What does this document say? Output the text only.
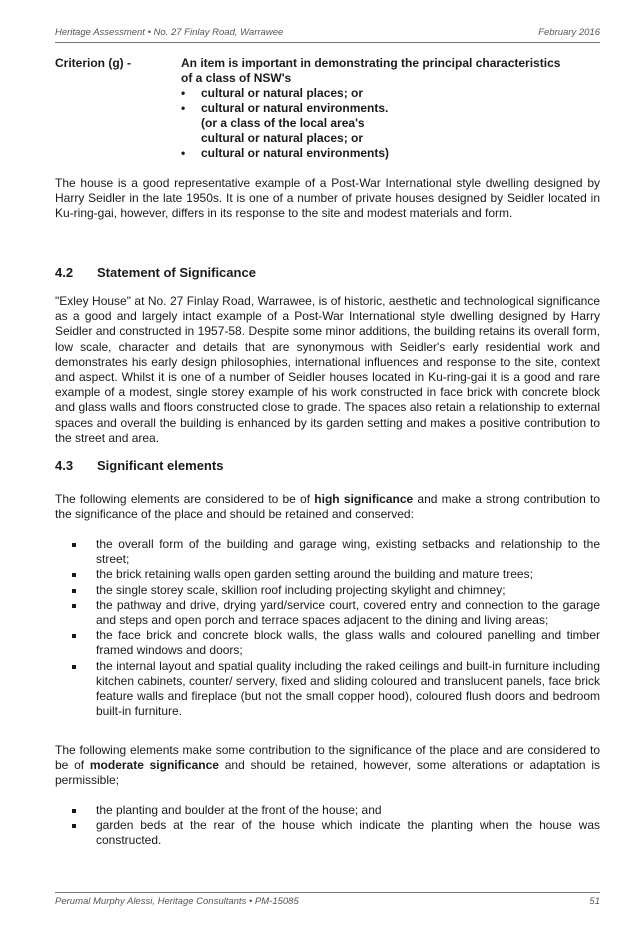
Heritage Assessment • No. 27 Finlay Road, Warrawee	February 2016
Criterion (g) -	An item is important in demonstrating the principal characteristics
of a class of NSW's
• cultural or natural places; or
• cultural or natural environments.
(or a class of the local area's
cultural or natural places; or
• cultural or natural environments)

The house is a good representative example of a Post-War International style dwelling designed by Harry Seidler in the late 1950s. It is one of a number of private houses designed by Seidler located in Ku-ring-gai, however, differs in its response to the site and modest materials and form.

4.2 Statement of Significance

"Exley House" at No. 27 Finlay Road, Warrawee, is of historic, aesthetic and technological significance as a good and largely intact example of a Post-War International style dwelling designed by Harry Seidler and constructed in 1957-58. Despite some minor additions, the building retains its overall form, low scale, character and details that are synonymous with Seidler's early residential work and demonstrates his early design philosophies, international influences and response to the site, context and aspect. Whilst it is one of a number of Seidler houses located in Ku-ring-gai it is a good and rare example of a modest, single storey example of his work constructed in face brick with concrete block and glass walls and floors constructed close to grade. The spaces also retain a relationship to external spaces and overall the building is enhanced by its garden setting and makes a positive contribution to the street and area.

4.3 Significant elements

The following elements are considered to be of high significance and make a strong contribution to the significance of the place and should be retained and conserved:

the overall form of the building and garage wing, existing setbacks and relationship to the street;
the brick retaining walls open garden setting around the building and mature trees;
the single storey scale, skillion roof including projecting skylight and chimney;
the pathway and drive, drying yard/service court, covered entry and connection to the garage and steps and open porch and terrace spaces adjacent to the dining and living areas;
the face brick and concrete block walls, the glass walls and coloured panelling and timber framed windows and doors;
the internal layout and spatial quality including the raked ceilings and built-in furniture including kitchen cabinets, counter/ servery, fixed and sliding coloured and translucent panels, face brick feature walls and fireplace (but not the small copper hood), coloured flush doors and bedroom built-in furniture.

The following elements make some contribution to the significance of the place and are considered to be of moderate significance and should be retained, however, some alterations or adaptation is permissible;

the planting and boulder at the front of the house; and
garden beds at the rear of the house which indicate the planting when the house was constructed.
Perumal Murphy Alessi, Heritage Consultants • PM-15085	51
